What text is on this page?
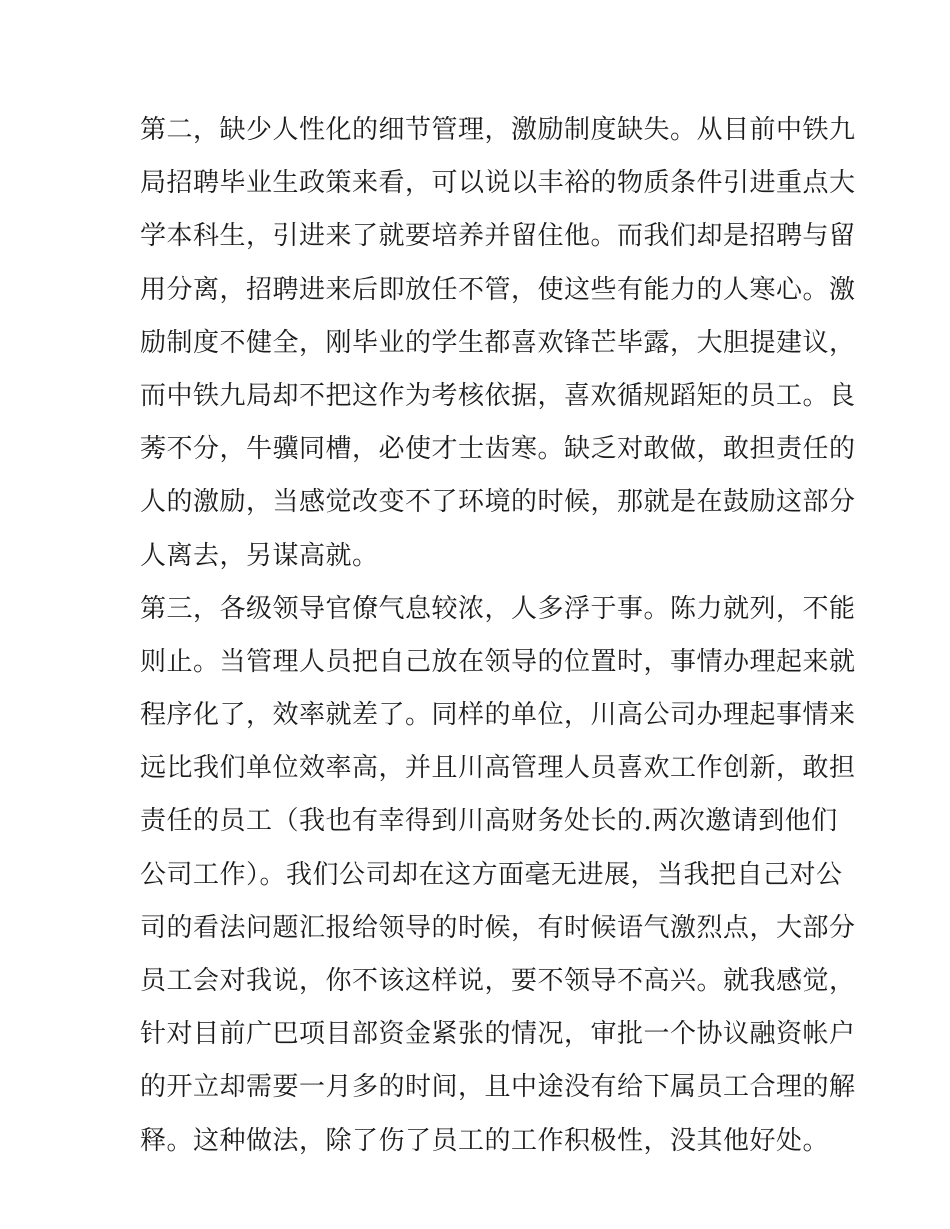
第二，缺少人性化的细节管理，激励制度缺失。从目前中铁九
局招聘毕业生政策来看，可以说以丰裕的物质条件引进重点大
学本科生，引进来了就要培养并留住他。而我们却是招聘与留
用分离，招聘进来后即放任不管，使这些有能力的人寒心。激
励制度不健全，刚毕业的学生都喜欢锋芒毕露，大胆提建议，
而中铁九局却不把这作为考核依据，喜欢循规蹈矩的员工。良
莠不分，牛骥同槽，必使才士齿寒。缺乏对敢做，敢担责任的
人的激励，当感觉改变不了环境的时候，那就是在鼓励这部分
人离去，另谋高就。
第三，各级领导官僚气息较浓，人多浮于事。陈力就列，不能
则止。当管理人员把自己放在领导的位置时，事情办理起来就
程序化了，效率就差了。同样的单位，川高公司办理起事情来
远比我们单位效率高，并且川高管理人员喜欢工作创新，敢担
责任的员工（我也有幸得到川高财务处长的.两次邀请到他们
公司工作）。我们公司却在这方面毫无进展，当我把自己对公
司的看法问题汇报给领导的时候，有时候语气激烈点，大部分
员工会对我说，你不该这样说，要不领导不高兴。就我感觉，
针对目前广巴项目部资金紧张的情况，审批一个协议融资帐户
的开立却需要一月多的时间，且中途没有给下属员工合理的解
释。这种做法，除了伤了员工的工作积极性，没其他好处。
